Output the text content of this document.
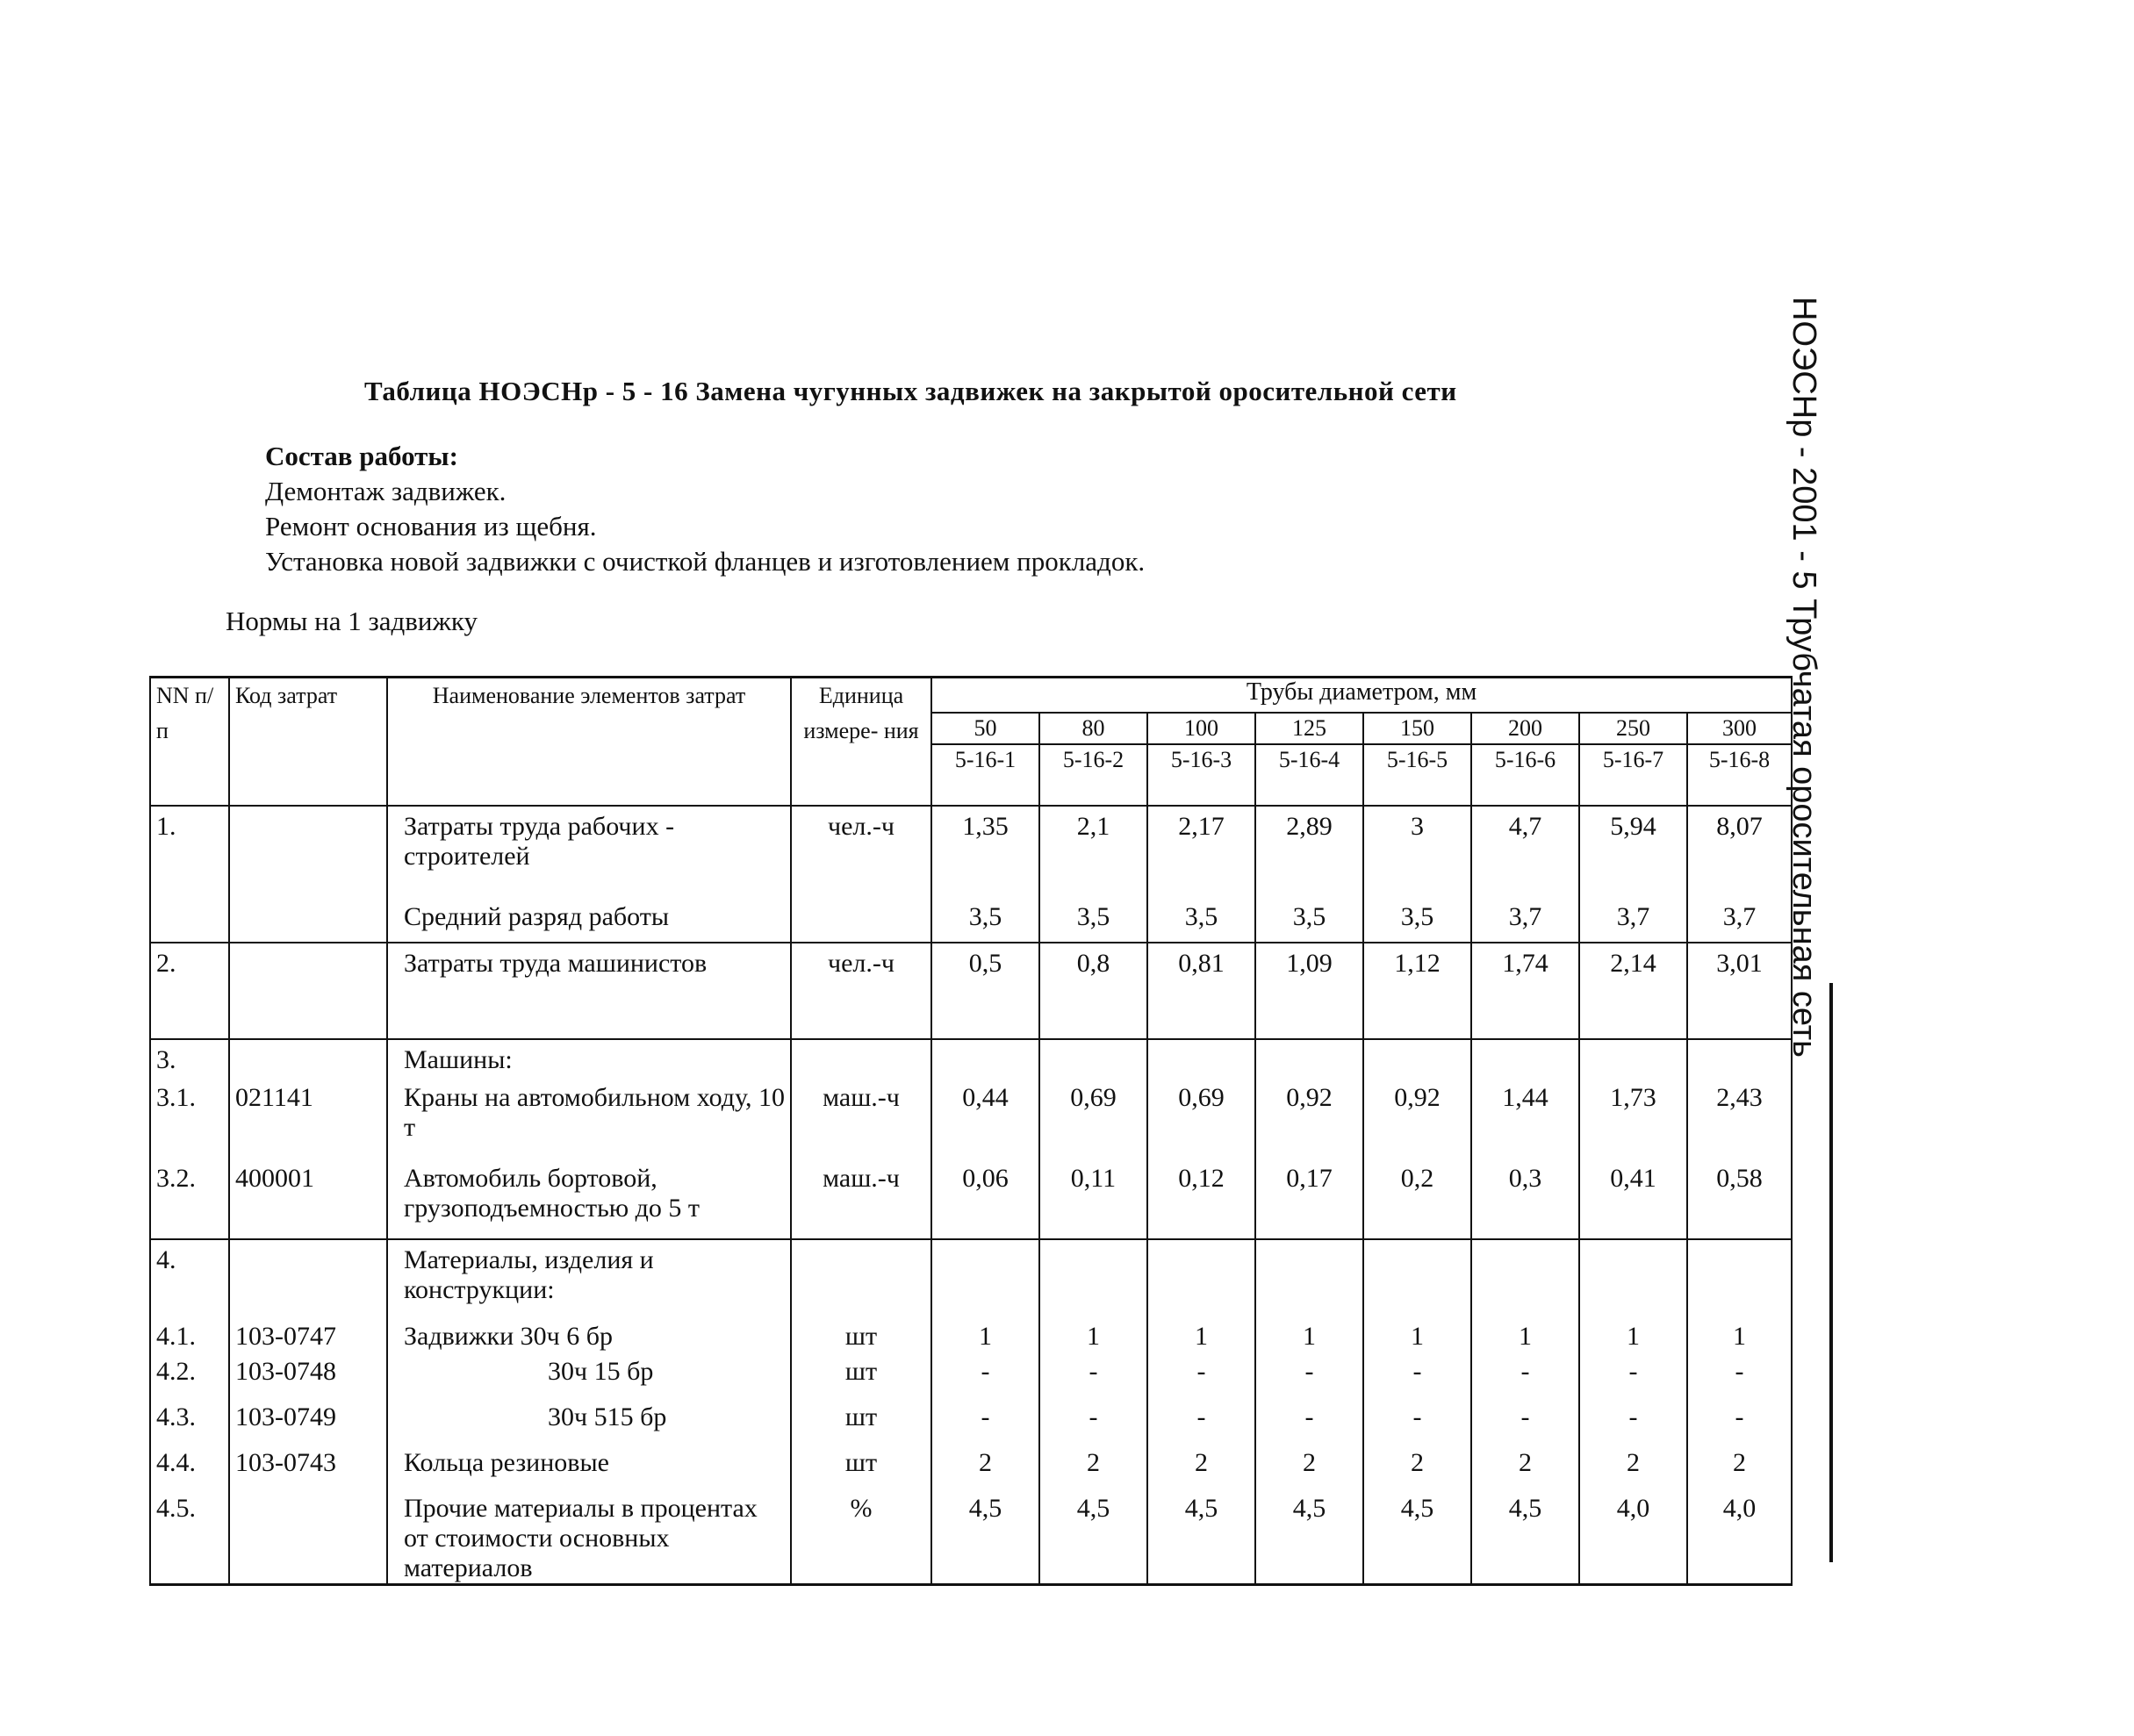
Таблица НОЭСНр - 5 - 16 Замена чугунных задвижек на закрытой оросительной сети
Состав работы:
Демонтаж задвижек.
Ремонт основания из щебня.
Установка новой задвижки с очисткой фланцев и изготовлением прокладок.
Нормы на 1 задвижку	НОЭСНр - 2001 - 5 Трубчатая оросительная сеть
NN п/п	Код затрат	Наименование элементов затрат	Единица измере- ния	Трубы диаметром, мм							
				50	80	100	125	150	200	250	300
				5-16-1	5-16-2	5-16-3	5-16-4	5-16-5	5-16-6	5-16-7	5-16-8
1.		Затраты труда рабочих - строителей	чел.-ч	1,35	2,1	2,17	2,89	3	4,7	5,94	8,07
		Средний разряд работы		3,5	3,5	3,5	3,5	3,5	3,7	3,7	3,7
2.		Затраты труда машинистов	чел.-ч	0,5	0,8	0,81	1,09	1,12	1,74	2,14	3,01
3.		Машины:									
3.1.	021141	Краны на автомобильном ходу, 10 т	маш.-ч	0,44	0,69	0,69	0,92	0,92	1,44	1,73	2,43
3.2.	400001	Автомобиль бортовой, грузоподъемностью до 5 т	маш.-ч	0,06	0,11	0,12	0,17	0,2	0,3	0,41	0,58
4.		Материалы, изделия и конструкции:									
4.1.	103-0747	Задвижки 30ч 6 бр	шт	1	1	1	1	1	1	1	1
4.2.	103-0748	30ч 15 бр	шт	-	-	-	-	-	-	-	-
4.3.	103-0749	30ч 515 бр	шт	-	-	-	-	-	-	-	-
4.4.	103-0743	Кольца резиновые	шт	2	2	2	2	2	2	2	2
4.5.		Прочие материалы в процентах от стоимости основных материалов	%	4,5	4,5	4,5	4,5	4,5	4,5	4,0	4,0
